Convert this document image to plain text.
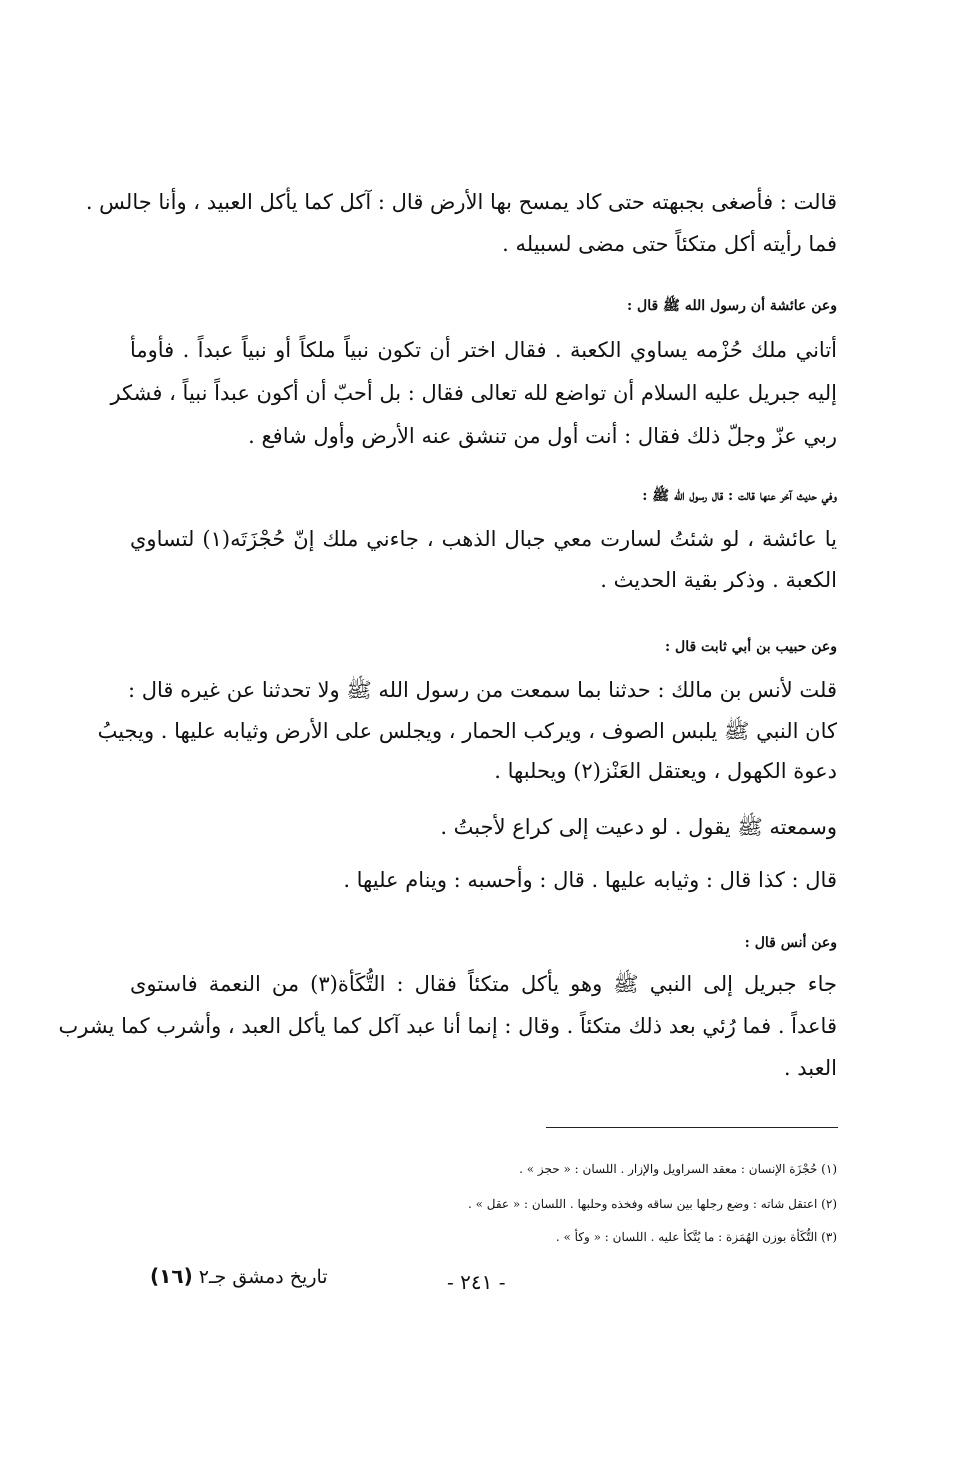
قالت : فأصغى بجبهته حتى كاد يمسح بها الأرض قال : آكل كما يأكل العبيد ، وأنا جالس .
فما رأيته أكل متكئاً حتى مضى لسبيله .
وعن عائشة أن رسول الله ﷺ قال :
أتاني ملك حُزْمه يساوي الكعبة . فقال اختر أن تكون نبياً ملكاً أو نبياً عبداً . فأومأ
إليه جبريل عليه السلام أن تواضع لله تعالى فقال : بل أحبّ أن أكون عبداً نبياً ، فشكر
ربي عزّ وجلّ ذلك فقال : أنت أول من تنشق عنه الأرض وأول شافع .
وفي حديث آخر عنها قالت : قال رسول الله ﷺ :
يا عائشة ، لو شئتُ لسارت معي جبال الذهب ، جاءني ملك إنّ حُجْزَتَه(١) لتساوي
الكعبة . وذكر بقية الحديث .
وعن حبيب بن أبي ثابت قال :
قلت لأنس بن مالك : حدثنا بما سمعت من رسول الله ﷺ ولا تحدثنا عن غيره قال :
كان النبي ﷺ يلبس الصوف ، ويركب الحمار ، ويجلس على الأرض وثيابه عليها . ويجيبُ
دعوة الكهول ، ويعتقل العَنْز(٢) ويحلبها .
وسمعته ﷺ يقول . لو دعيت إلى كراع لأجبتُ .
قال : كذا قال : وثيابه عليها . قال : وأحسبه : وينام عليها .
وعن أنس قال :
جاء جبريل إلى النبي ﷺ وهو يأكل متكئاً فقال : التُّكَأة(٣) من النعمة فاستوى
قاعداً . فما رُئي بعد ذلك متكئاً . وقال : إنما أنا عبد آكل كما يأكل العبد ، وأشرب كما يشرب
العبد .
(١) حُجْزَة الإنسان : معقد السراويل والإزار . اللسان : « حجز » .
(٢) اعتقل شاته : وضع رجلها بين ساقه وفخذه وحلبها . اللسان : « عقل » .
(٣) التُّكَأة بوزن الهُمَزة : ما يُتَّكأ عليه . اللسان : « وكأ » .
- ٢٤١ -
تاريخ دمشق جـ٢ (١٦)
